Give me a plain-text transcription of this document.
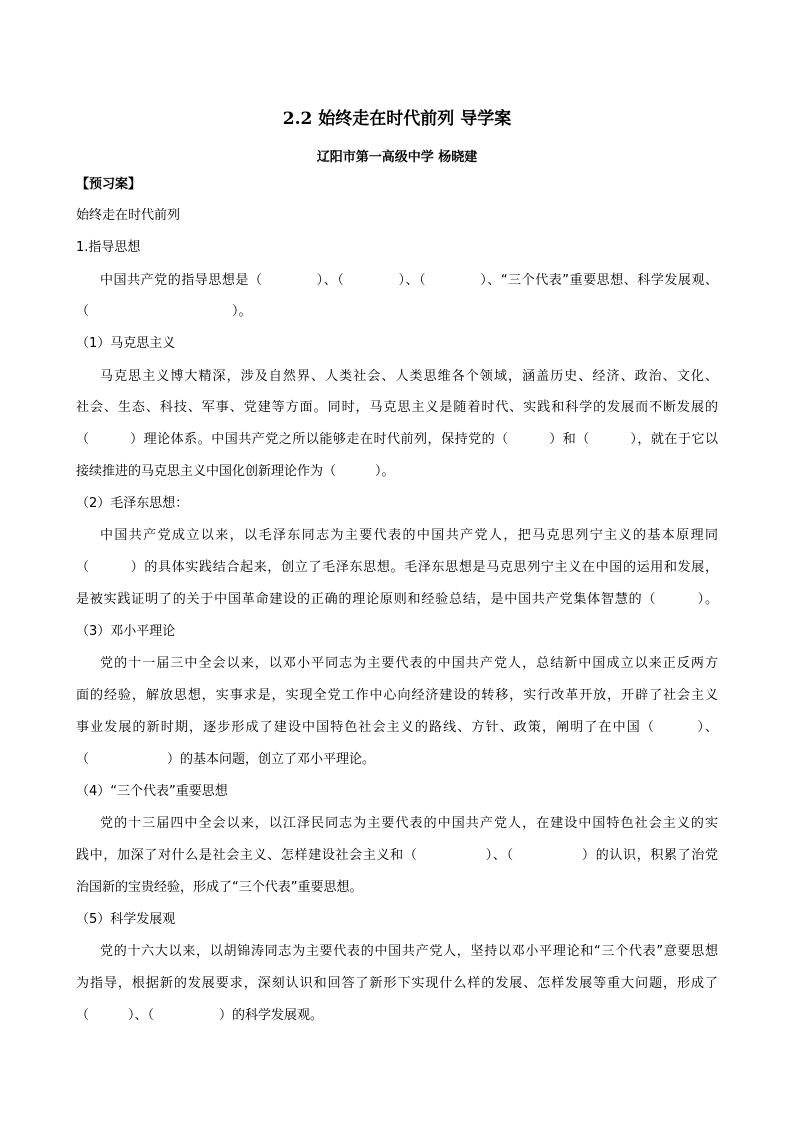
2.2 始终走在时代前列 导学案
辽阳市第一高级中学 杨晓建
【预习案】
始终走在时代前列
1.指导思想
中国共产党的指导思想是（　　　　）、（　　　　）、（　　　　）、“三个代表”重要思想、科学发展观、
（　　　　　　　　　　　）。
（1）马克思主义
马克思主义博大精深，涉及自然界、人类社会、人类思维各个领域，涵盖历史、经济、政治、文化、
社会、生态、科技、军事、党建等方面。同时，马克思主义是随着时代、实践和科学的发展而不断发展的
（　　　）理论体系。中国共产党之所以能够走在时代前列，保持党的（　　　）和（　　　），就在于它以
接续推进的马克思主义中国化创新理论作为（　　　）。
（2）毛泽东思想：
中国共产党成立以来，以毛泽东同志为主要代表的中国共产党人，把马克思列宁主义的基本原理同
（　　　）的具体实践结合起来，创立了毛泽东思想。毛泽东思想是马克思列宁主义在中国的运用和发展，
是被实践证明了的关于中国革命建设的正确的理论原则和经验总结，是中国共产党集体智慧的（　　　）。
（3）邓小平理论
党的十一届三中全会以来，以邓小平同志为主要代表的中国共产党人，总结新中国成立以来正反两方
面的经验，解放思想，实事求是，实现全党工作中心向经济建设的转移，实行改革开放，开辟了社会主义
事业发展的新时期，逐步形成了建设中国特色社会主义的路线、方针、政策，阐明了在中国（　　　）、
（　　　　　　）的基本问题，创立了邓小平理论。
（4）“三个代表”重要思想
党的十三届四中全会以来，以江泽民同志为主要代表的中国共产党人，在建设中国特色社会主义的实
践中，加深了对什么是社会主义、怎样建设社会主义和（　　　　　）、（　　　　　）的认识，积累了治党
治国新的宝贵经验，形成了“三个代表”重要思想。
（5）科学发展观
党的十六大以来，以胡锦涛同志为主要代表的中国共产党人，坚持以邓小平理论和“三个代表”意要思想
为指导，根据新的发展要求，深刻认识和回答了新形下实现什么样的发展、怎样发展等重大问题，形成了
（　　　）、（　　　　　）的科学发展观。
